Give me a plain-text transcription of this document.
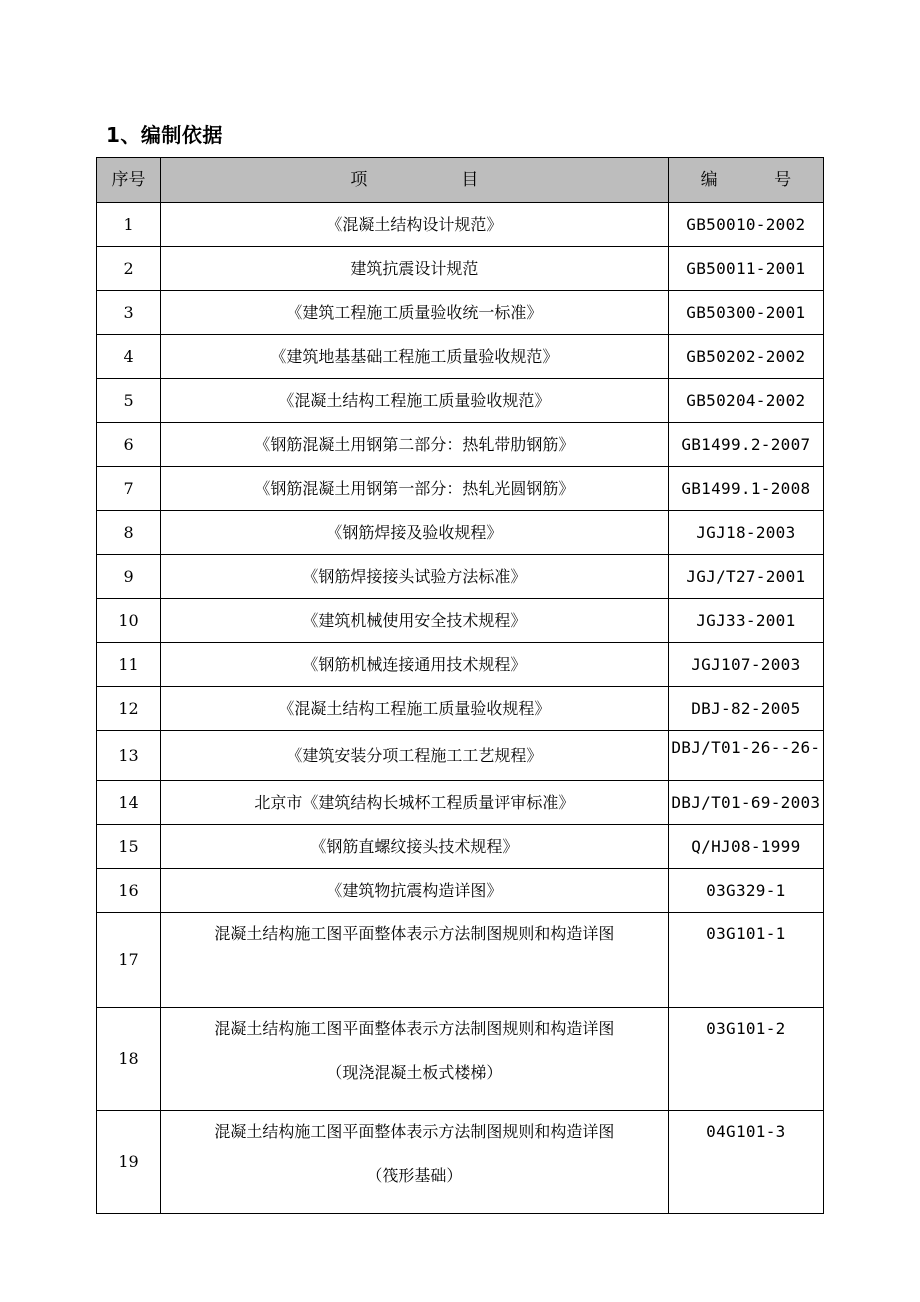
1、编制依据
序号	项          目	编      号
1	《混凝土结构设计规范》	GB50010-2002
2	建筑抗震设计规范	GB50011-2001
3	《建筑工程施工质量验收统一标准》	GB50300-2001
4	《建筑地基基础工程施工质量验收规范》	GB50202-2002
5	《混凝土结构工程施工质量验收规范》	GB50204-2002
6	《钢筋混凝土用钢第二部分：热轧带肋钢筋》	GB1499.2-2007
7	《钢筋混凝土用钢第一部分：热轧光圆钢筋》	GB1499.1-2008
8	《钢筋焊接及验收规程》	JGJ18-2003
9	《钢筋焊接接头试验方法标准》	JGJ/T27-2001
10	《建筑机械使用安全技术规程》	JGJ33-2001
11	《钢筋机械连接通用技术规程》	JGJ107-2003
12	《混凝土结构工程施工质量验收规程》	DBJ-82-2005
13	《建筑安装分项工程施工工艺规程》	DBJ/T01-26--26-
14	北京市《建筑结构长城杯工程质量评审标准》	DBJ/T01-69-2003
15	《钢筋直螺纹接头技术规程》	Q/HJ08-1999
16	《建筑物抗震构造详图》	03G329-1
17	混凝土结构施工图平面整体表示方法制图规则和构造详图	03G101-1
18	混凝土结构施工图平面整体表示方法制图规则和构造详图
（现浇混凝土板式楼梯）	03G101-2
19	混凝土结构施工图平面整体表示方法制图规则和构造详图
（筏形基础）	04G101-3
